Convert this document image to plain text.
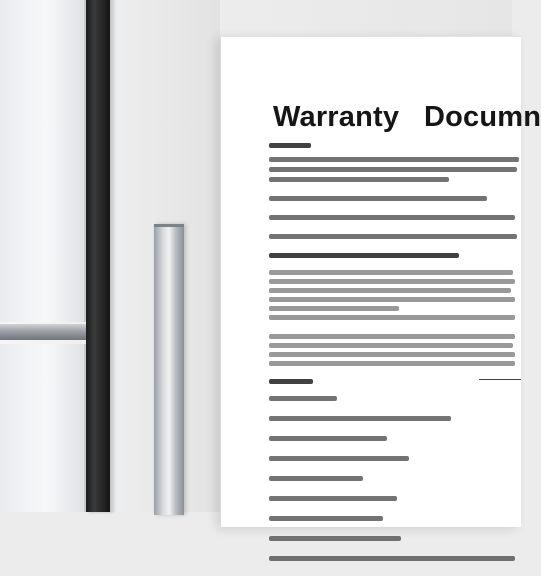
Warranty   Documn
